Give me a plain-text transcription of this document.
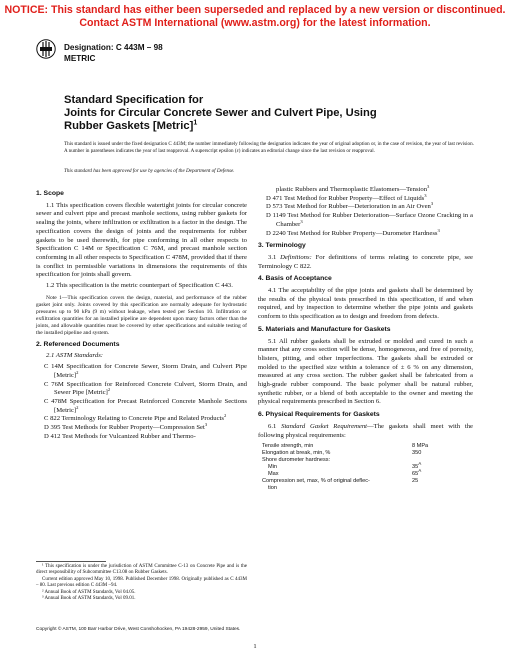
NOTICE: This standard has either been superseded and replaced by a new version or discontinued.
Contact ASTM International (www.astm.org) for the latest information.
Designation: C 443M – 98
METRIC
Standard Specification for
Joints for Circular Concrete Sewer and Culvert Pipe, Using
Rubber Gaskets [Metric]$^1$
This standard is issued under the fixed designation C 443M; the number immediately following the designation indicates the year of original adoption or, in the case of revision, the year of last revision. A number in parentheses indicates the year of last reapproval. A superscript epsilon (ε) indicates an editorial change since the last revision or reapproval.
This standard has been approved for use by agencies of the Department of Defense.
1. Scope

1.1 This specification covers flexible watertight joints for circular concrete sewer and culvert pipe and precast manhole sections, using rubber gaskets for sealing the joints, where infiltration or exfiltration is a factor in the design. The specification covers the design of joints and the requirements for rubber gaskets to be used therewith, for pipe conforming in all other respects to Specification C 14M or Specification C 76M, and precast manhole section conforming in all other respects to Specification C 478M, provided that if there is conflict in permissible variations in dimensions the requirements of this specification for joints shall govern.

1.2 This specification is the metric counterpart of Specification C 443.

Note 1—This specification covers the design, material, and performance of the rubber gasket joint only. Joints covered by this specification are normally adequate for hydrostatic pressures up to 90 kPa (9 m) without leakage, when tested per Section 10. Infiltration or exfiltration quantities for an installed pipeline are dependent upon many factors other than the joints, and allowable quantities must be covered by other specifications and suitable testing of the installed pipeline and system.
2. Referenced Documents

2.1 ASTM Standards:

C 14M Specification for Concrete Sewer, Storm Drain, and Culvert Pipe [Metric]$^2$
C 76M Specification for Reinforced Concrete Culvert, Storm Drain, and Sewer Pipe [Metric]$^2$
C 478M Specification for Precast Reinforced Concrete Manhole Sections [Metric]$^2$
C 822 Terminology Relating to Concrete Pipe and Related Products$^2$
D 395 Test Methods for Rubber Property—Compression Set$^3$
D 412 Test Methods for Vulcanized Rubber and Thermo-
plastic Rubbers and Thermoplastic Elastomers—Tension$^3$
D 471 Test Method for Rubber Property—Effect of Liquids$^3$
D 573 Test Method for Rubber—Deterioration in an Air Oven$^3$
D 1149 Test Method for Rubber Deterioration—Surface Ozone Cracking in a Chamber$^3$
D 2240 Test Method for Rubber Property—Durometer Hardness$^3$
3. Terminology

3.1 Definitions: For definitions of terms relating to concrete pipe, see Terminology C 822.

4. Basis of Acceptance

4.1 The acceptability of the pipe joints and gaskets shall be determined by the results of the physical tests prescribed in this specification, if and when required, and by inspection to determine whether the pipe joints and gaskets conform to this specification as to design and freedom from defects.

5. Materials and Manufacture for Gaskets

5.1 All rubber gaskets shall be extruded or molded and cured in such a manner that any cross section will be dense, homogeneous, and free of porosity, blisters, pitting, and other imperfections. The gaskets shall be extruded or molded to the specified size within a tolerance of ± 6 % on any dimension, measured at any cross section. The rubber gasket shall be fabricated from a high-grade rubber compound. The basic polymer shall be natural rubber, synthetic rubber, or a blend of both acceptable to the owner and meeting the physical requirements prescribed in Section 6.

6. Physical Requirements for Gaskets

6.1 Standard Gasket Requirement—The gaskets shall meet with the following physical requirements:

Tensile strength, min	8 MPa
Elongation at break, min, %	350
Shore durometer hardness:
Min	35
A
Max	65
A
Compression set, max, % of original deflec-	25
tion
¹ This specification is under the jurisdiction of ASTM Committee C-13 on Concrete Pipe and is the direct responsibility of Subcommittee C13.08 on Rubber Gaskets.
Current edition approved May 10, 1998. Published December 1998. Originally published as C 443M – 80. Last previous edition C 443M –94.
² Annual Book of ASTM Standards, Vol 04.05.
³ Annual Book of ASTM Standards, Vol 09.01.
Copyright © ASTM, 100 Barr Harbor Drive, West Conshohocken, PA 19428-2959, United States.
1
